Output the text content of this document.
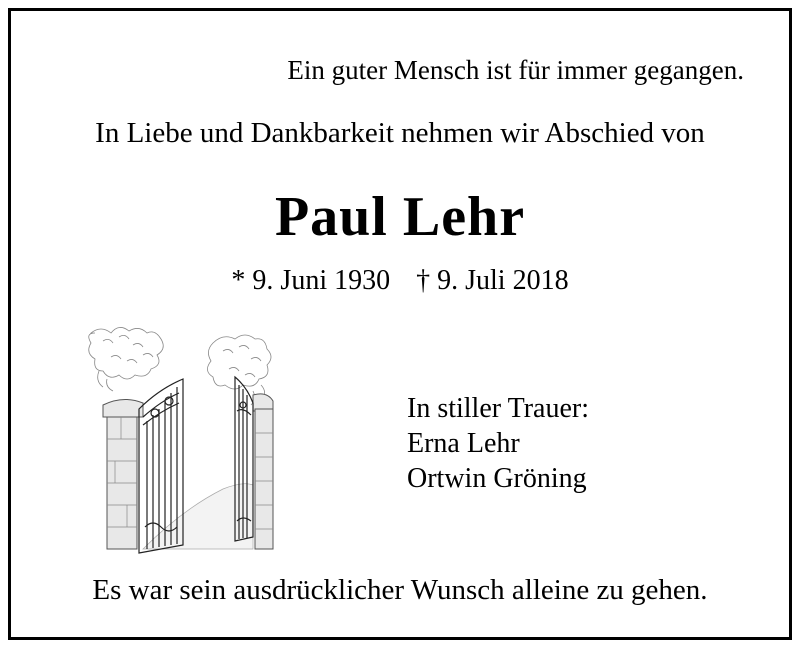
Ein guter Mensch ist für immer gegangen.
In Liebe und Dankbarkeit nehmen wir Abschied von
Paul Lehr
* 9. Juni 1930 † 9. Juli 2018
In stiller Trauer:
Erna Lehr
Ortwin Gröning
Es war sein ausdrücklicher Wunsch alleine zu gehen.
